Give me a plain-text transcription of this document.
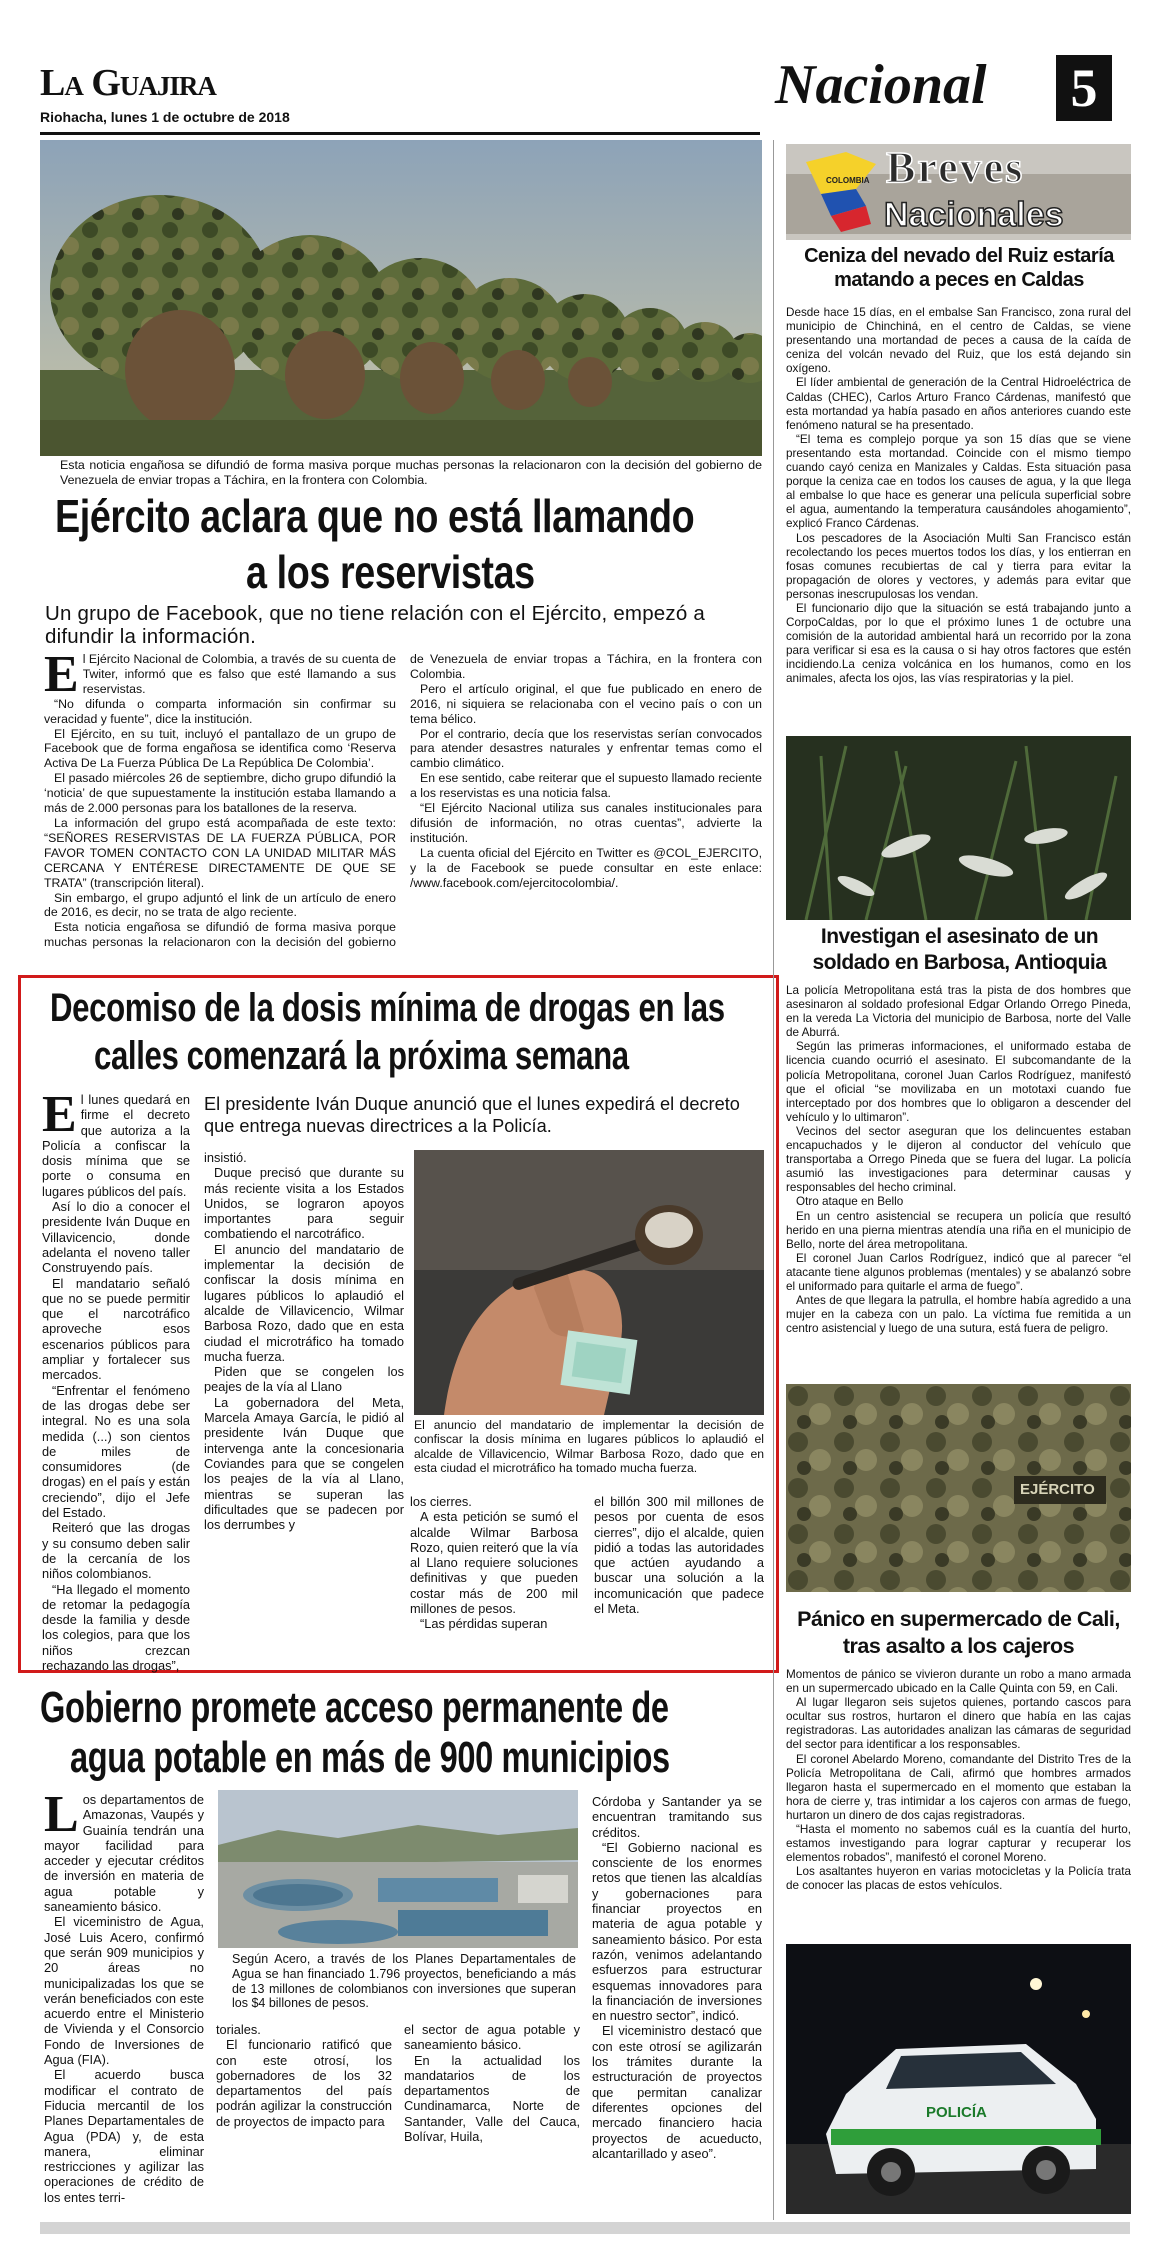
La Guajira
Riohacha, lunes 1 de octubre de 2018
Nacional 5
Esta noticia engañosa se difundió de forma masiva porque muchas personas la relacionaron con la decisión del gobierno de Venezuela de enviar tropas a Táchira, en la frontera con Colombia.
Ejército aclara que no está llamando
a los reservistas
Un grupo de Facebook, que no tiene relación con el Ejército, empezó a difundir la información.

El Ejército Nacional de Colombia, a través de su cuenta de Twiter, informó que es falso que esté llamando a sus reservistas.

“No difunda o comparta información sin confirmar su veracidad y fuente”, dice la institución.

El Ejército, en su tuit, incluyó el pantallazo de un grupo de Facebook que de forma engañosa se identifica como ‘Reserva Activa De La Fuerza Pública De La República De Colombia’.

El pasado miércoles 26 de septiembre, dicho grupo difundió la ‘noticia’ de que supuestamente la institución estaba llamando a más de 2.000 personas para los batallones de la reserva.

La información del grupo está acompañada de este texto: “SEÑORES RESERVISTAS DE LA FUERZA PÚBLICA, POR FAVOR TOMEN CONTACTO CON LA UNIDAD MILITAR MÁS CERCANA Y ENTÉRESE DIRECTAMENTE DE QUE SE TRATA” (transcripción literal).

Sin embargo, el grupo adjuntó el link de un artículo de enero de 2016, es decir, no se trata de algo reciente.

Esta noticia engañosa se difundió de forma masiva porque muchas personas la relacionaron con la decisión del gobierno de Venezuela de enviar tropas a Táchira, en la frontera con Colombia.

Pero el artículo original, el que fue publicado en enero de 2016, ni siquiera se relacionaba con el vecino país o con un tema bélico.

Por el contrario, decía que los reservistas serían convocados para atender desastres naturales y enfrentar temas como el cambio climático.

En ese sentido, cabe reiterar que el supuesto llamado reciente a los reservistas es una noticia falsa.

“El Ejército Nacional utiliza sus canales institucionales para difusión de información, no otras cuentas”, advierte la institución.

La cuenta oficial del Ejército en Twitter es @COL_EJERCITO, y la de Facebook se puede consultar en este enlace: /www.facebook.com/ejercitocolombia/.

Decomiso de la dosis mínima de drogas en las
calles comenzará la próxima semana

El lunes quedará en firme el decreto que autoriza a la Policía a confiscar la dosis mínima que se porte o consuma en lugares públicos del país.

Así lo dio a conocer el presidente Iván Duque en Villavicencio, donde adelanta el noveno taller Construyendo país.

El mandatario señaló que no se puede permitir que el narcotráfico aproveche esos escenarios públicos para ampliar y fortalecer sus mercados.

“Enfrentar el fenómeno de las drogas debe ser integral. No es una sola medida (...) son cientos de miles de consumidores (de drogas) en el país y están creciendo”, dijo el Jefe del Estado.

Reiteró que las drogas y su consumo deben salir de la cercanía de los niños colombianos.

“Ha llegado el momento de retomar la pedagogía desde la familia y desde los colegios, para que los niños crezcan rechazando las drogas”,

El presidente Iván Duque anunció que el lunes expedirá el decreto que entrega nuevas directrices a la Policía.

insistió.

Duque precisó que durante su más reciente visita a los Estados Unidos, se lograron apoyos importantes para seguir combatiendo el narcotráfico.

El anuncio del mandatario de implementar la decisión de confiscar la dosis mínima en lugares públicos lo aplaudió el alcalde de Villavicencio, Wilmar Barbosa Rozo, dado que en esta ciudad el microtráfico ha tomado mucha fuerza.

Piden que se congelen los peajes de la vía al Llano

La gobernadora del Meta, Marcela Amaya García, le pidió al presidente Iván Duque que intervenga ante la concesionaria Coviandes para que se congelen los peajes de la vía al Llano, mientras se superan las dificultades que se padecen por los derrumbes y

El anuncio del mandatario de implementar la decisión de confiscar la dosis mínima en lugares públicos lo aplaudió el alcalde de Villavicencio, Wilmar Barbosa Rozo, dado que en esta ciudad el microtráfico ha tomado mucha fuerza.

los cierres.

A esta petición se sumó el alcalde Wilmar Barbosa Rozo, quien reiteró que la vía al Llano requiere soluciones definitivas y que pueden costar más de 200 mil millones de pesos.

“Las pérdidas superan

el billón 300 mil millones de pesos por cuenta de esos cierres”, dijo el alcalde, quien pidió a todas las autoridades que actúen ayudando a buscar una solución a la incomunicación que padece el Meta.

Gobierno promete acceso permanente de
agua potable en más de 900 municipios

Los departamentos de Amazonas, Vaupés y Guainía tendrán una mayor facilidad para acceder y ejecutar créditos de inversión en materia de agua potable y saneamiento básico.

El viceministro de Agua, José Luis Acero, confirmó que serán 909 municipios y 20 áreas no municipalizadas los que se verán beneficiados con este acuerdo entre el Ministerio de Vivienda y el Consorcio Fondo de Inversiones de Agua (FIA).

El acuerdo busca modificar el contrato de Fiducia mercantil de los Planes Departamentales de Agua (PDA) y, de esta manera, eliminar restricciones y agilizar las operaciones de crédito de los entes terri-

Según Acero, a través de los Planes Departamentales de Agua se han financiado 1.796 proyectos, beneficiando a más de 13 millones de colombianos con inversiones que superan los $4 billones de pesos.

toriales.

El funcionario ratificó que con este otrosí, los gobernadores de los 32 departamentos del país podrán agilizar la construcción de proyectos de impacto para

el sector de agua potable y saneamiento básico.

En la actualidad los mandatarios de los departamentos de Cundinamarca, Norte de Santander, Valle del Cauca, Bolívar, Huila,

Córdoba y Santander ya se encuentran tramitando sus créditos.

“El Gobierno nacional es consciente de los enormes retos que tienen las alcaldías y gobernaciones para financiar proyectos en materia de agua potable y saneamiento básico. Por esta razón, venimos adelantando esfuerzos para estructurar esquemas innovadores para la financiación de inversiones en nuestro sector”, indicó.

El viceministro destacó que con este otrosí se agilizarán los trámites durante la estructuración de proyectos que permitan canalizar diferentes opciones del mercado financiero hacia proyectos de acueducto, alcantarillado y aseo”.

COLOMBIA Breves
Nacionales
Ceniza del nevado del Ruiz estaría matando a peces en Caldas

Desde hace 15 días, en el embalse San Francisco, zona rural del municipio de Chinchiná, en el centro de Caldas, se viene presentando una mortandad de peces a causa de la caída de ceniza del volcán nevado del Ruiz, que los está dejando sin oxígeno.

El líder ambiental de generación de la Central Hidroeléctrica de Caldas (CHEC), Carlos Arturo Franco Cárdenas, manifestó que esta mortandad ya había pasado en años anteriores cuando este fenómeno natural se ha presentado.

“El tema es complejo porque ya son 15 días que se viene presentando esta mortandad. Coincide con el mismo tiempo cuando cayó ceniza en Manizales y Caldas. Esta situación pasa porque la ceniza cae en todos los causes de agua, y la que llega al embalse lo que hace es generar una película superficial sobre el agua, aumentando la temperatura causándoles ahogamiento”, explicó Franco Cárdenas.

Los pescadores de la Asociación Multi San Francisco están recolectando los peces muertos todos los días, y los entierran en fosas comunes recubiertas de cal y tierra para evitar la propagación de olores y vectores, y además para evitar que personas inescrupulosas los vendan.

El funcionario dijo que la situación se está trabajando junto a CorpoCaldas, por lo que el próximo lunes 1 de octubre una comisión de la autoridad ambiental hará un recorrido por la zona para verificar si esa es la causa o si hay otros factores que estén incidiendo.La ceniza volcánica en los humanos, como en los animales, afecta los ojos, las vías respiratorias y la piel.

Investigan el asesinato de un soldado en Barbosa, Antioquia

La policía Metropolitana está tras la pista de dos hombres que asesinaron al soldado profesional Edgar Orlando Orrego Pineda, en la vereda La Victoria del municipio de Barbosa, norte del Valle de Aburrá.

Según las primeras informaciones, el uniformado estaba de licencia cuando ocurrió el asesinato. El subcomandante de la policía Metropolitana, coronel Juan Carlos Rodríguez, manifestó que el oficial “se movilizaba en un mototaxi cuando fue interceptado por dos hombres que lo obligaron a descender del vehículo y lo ultimaron”.

Vecinos del sector aseguran que los delincuentes estaban encapuchados y le dijeron al conductor del vehículo que transportaba a Orrego Pineda que se fuera del lugar. La policía asumió las investigaciones para determinar causas y responsables del hecho criminal.

Otro ataque en Bello

En un centro asistencial se recupera un policía que resultó herido en una pierna mientras atendía una riña en el municipio de Bello, norte del área metropolitana.

El coronel Juan Carlos Rodríguez, indicó que al parecer “el atacante tiene algunos problemas (mentales) y se abalanzó sobre el uniformado para quitarle el arma de fuego”.

Antes de que llegara la patrulla, el hombre había agredido a una mujer en la cabeza con un palo. La víctima fue remitida a un centro asistencial y luego de una sutura, está fuera de peligro.

EJÉRCITO
Pánico en supermercado de Cali, tras asalto a los cajeros

Momentos de pánico se vivieron durante un robo a mano armada en un supermercado ubicado en la Calle Quinta con 59, en Cali.

Al lugar llegaron seis sujetos quienes, portando cascos para ocultar sus rostros, hurtaron el dinero que había en las cajas registradoras. Las autoridades analizan las cámaras de seguridad del sector para identificar a los responsables.

El coronel Abelardo Moreno, comandante del Distrito Tres de la Policía Metropolitana de Cali, afirmó que hombres armados llegaron hasta el supermercado en el momento que estaban la hora de cierre y, tras intimidar a los cajeros con armas de fuego, hurtaron un dinero de dos cajas registradoras.

“Hasta el momento no sabemos cuál es la cuantía del hurto, estamos investigando para lograr capturar y recuperar los elementos robados”, manifestó el coronel Moreno.

Los asaltantes huyeron en varias motocicletas y la Policía trata de conocer las placas de estos vehículos.

POLICÍA
